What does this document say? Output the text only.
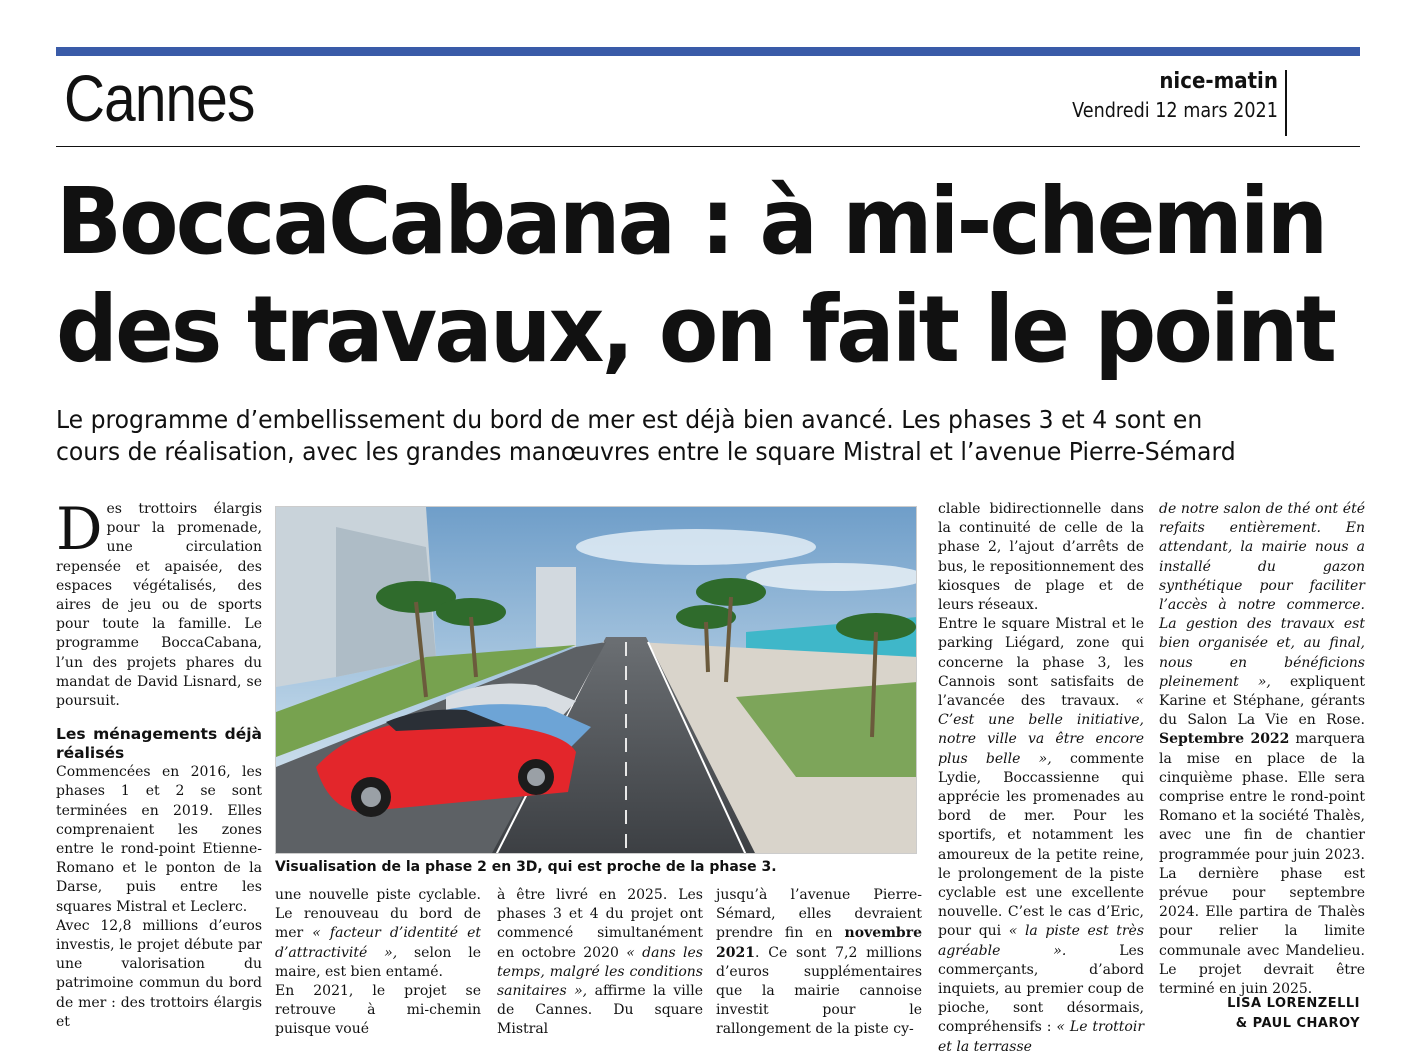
Cannes	nice-matin
Vendredi 12 mars 2021
BoccaCabana : à mi-chemin
des travaux, on fait le point
Le programme d’embellissement du bord de mer est déjà bien avancé. Les phases 3 et 4 sont en
cours de réalisation, avec les grandes manœuvres entre le square Mistral et l’avenue Pierre-Sémard

Des trottoirs élargis pour la promenade, une circulation repensée et apaisée, des espaces végétalisés, des aires de jeu ou de sports pour toute la famille. Le programme BoccaCabana, l’un des projets phares du mandat de David Lisnard, se poursuit.

Les ménagements déjà réalisés

Commencées en 2016, les phases 1 et 2 se sont terminées en 2019. Elles comprenaient les zones entre le rond-point Etienne-Romano et le ponton de la Darse, puis entre les squares Mistral et Leclerc.

Avec 12,8 millions d’euros investis, le projet débute par une valorisation du patrimoine commun du bord de mer : des trottoirs élargis et

Visualisation de la phase 2 en 3D, qui est proche de la phase 3.

une nouvelle piste cyclable. Le renouveau du bord de mer « facteur d’identité et d’attractivité », selon le maire, est bien entamé.

En 2021, le projet se retrouve à mi-chemin puisque voué

à être livré en 2025. Les phases 3 et 4 du projet ont commencé simultanément en octobre 2020 « dans les temps, malgré les conditions sanitaires », affirme la ville de Cannes. Du square Mistral

jusqu’à l’avenue Pierre-Sémard, elles devraient prendre fin en novembre 2021. Ce sont 7,2 millions d’euros supplémentaires que la mairie cannoise investit pour le rallongement de la piste cy-

clable bidirectionnelle dans la continuité de celle de la phase 2, l’ajout d’arrêts de bus, le repositionnement des kiosques de plage et de leurs réseaux.

Entre le square Mistral et le parking Liégard, zone qui concerne la phase 3, les Cannois sont satisfaits de l’avancée des travaux. « C’est une belle initiative, notre ville va être encore plus belle », commente Lydie, Boccassienne qui apprécie les promenades au bord de mer. Pour les sportifs, et notamment les amoureux de la petite reine, le prolongement de la piste cyclable est une excellente nouvelle. C’est le cas d’Eric, pour qui « la piste est très agréable ».	Les commerçants, d’abord inquiets, au premier coup de pioche, sont désormais, compréhensifs : « Le trottoir et la terrasse

de notre salon de thé ont été refaits entièrement. En attendant, la mairie nous a installé du gazon synthétique pour faciliter l’accès à notre commerce. La gestion des travaux est bien organisée et, au final, nous en bénéficions pleinement », expliquent Karine et Stéphane, gérants du Salon La Vie en Rose. Septembre 2022 marquera la mise en place de la cinquième phase. Elle sera comprise entre le rond-point Romano et la société Thalès, avec une fin de chantier programmée pour juin 2023. La dernière phase est prévue pour septembre 2024. Elle partira de Thalès pour relier la limite communale avec Mandelieu. Le projet devrait être terminé en juin 2025.

LISA LORENZELLI
& PAUL CHAROY
